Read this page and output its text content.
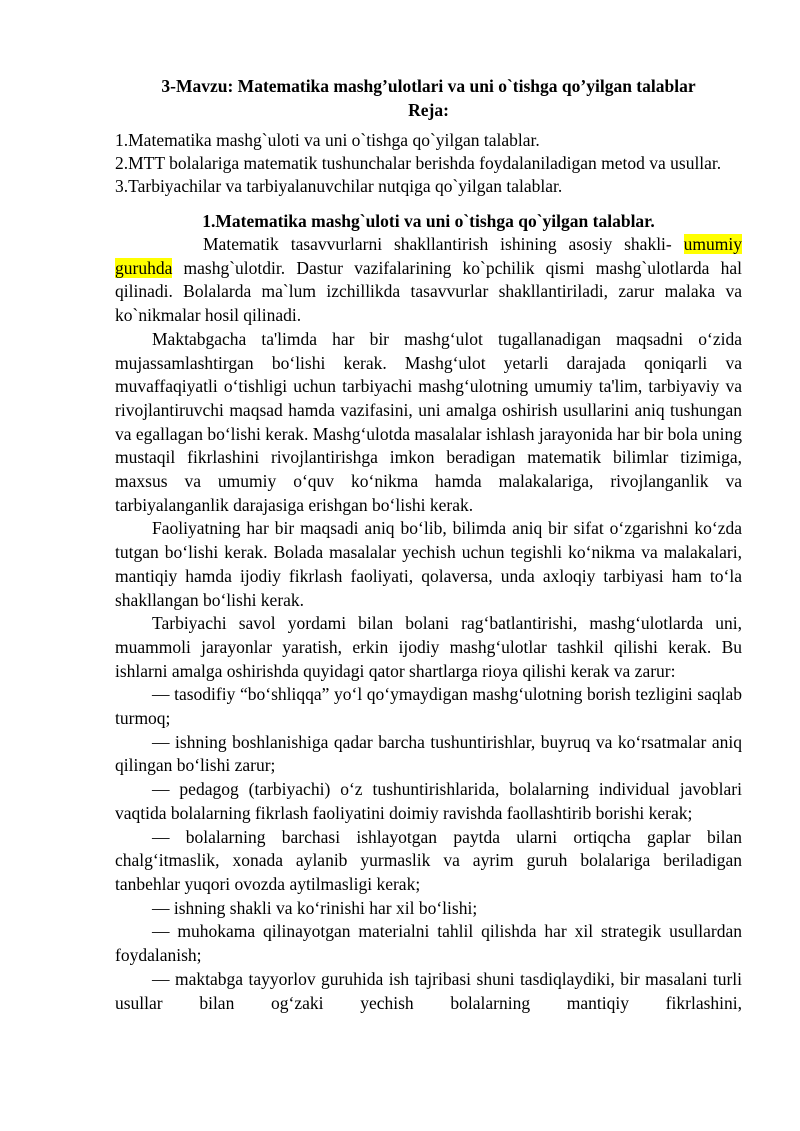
3-Mavzu: Matematika mashg’ulotlari va uni o`tishga qo’yilgan talablar
Reja:

1.Matematika mashg`uloti va uni o`tishga qo`yilgan talablar.

2.MTT bolalariga matematik tushunchalar berishda foydalaniladigan metod va usullar.

3.Tarbiyachilar va tarbiyalanuvchilar nutqiga qo`yilgan talablar.

1.Matematika mashg`uloti va uni o`tishga qo`yilgan talablar.

Matematik tasavvurlarni shakllantirish ishining asosiy shakli- umumiy guruhda mashg`ulotdir. Dastur vazifalarining ko`pchilik qismi mashg`ulotlarda hal qilinadi. Bolalarda ma`lum izchillikda tasavvurlar shakllantiriladi, zarur malaka va ko`nikmalar hosil qilinadi.

Maktabgacha ta'limda har bir mashg‘ulot tugallanadigan maqsadni o‘zida mujassamlashtirgan bo‘lishi kerak. Mashg‘ulot yetarli darajada qoniqarli va muvaffaqiyatli o‘tishligi uchun tarbiyachi mashg‘ulotning umumiy ta'lim, tarbiyaviy va rivojlantiruvchi maqsad hamda vazifasini, uni amalga oshirish usullarini aniq tushungan va egallagan bo‘lishi kerak. Mashg‘ulotda masalalar ishlash jarayonida har bir bola uning mustaqil fikrlashini rivojlantirishga imkon beradigan matematik bilimlar tizimiga, maxsus va umumiy o‘quv ko‘nikma hamda malakalariga, rivojlanganlik va tarbiyalanganlik darajasiga erishgan bo‘lishi kerak.

Faoliyatning har bir maqsadi aniq bo‘lib, bilimda aniq bir sifat o‘zgarishni ko‘zda tutgan bo‘lishi kerak. Bolada masalalar yechish uchun tegishli ko‘nikma va malakalari, mantiqiy hamda ijodiy fikrlash faoliyati, qolaversa, unda axloqiy tarbiyasi ham to‘la shakllangan bo‘lishi kerak.

Tarbiyachi savol yordami bilan bolani rag‘batlantirishi, mashg‘ulotlarda uni, muammoli jarayonlar yaratish, erkin ijodiy mashg‘ulotlar tashkil qilishi kerak. Bu ishlarni amalga oshirishda quyidagi qator shartlarga rioya qilishi kerak va zarur:

— tasodifiy “bo‘shliqqa” yo‘l qo‘ymaydigan mashg‘ulotning borish tezligini saqlab turmoq;

— ishning boshlanishiga qadar barcha tushuntirishlar, buyruq va ko‘rsatmalar aniq qilingan bo‘lishi zarur;

— pedagog (tarbiyachi) o‘z tushuntirishlarida, bolalarning individual javoblari vaqtida bolalarning fikrlash faoliyatini doimiy ravishda faollashtirib borishi kerak;

— bolalarning barchasi ishlayotgan paytda ularni ortiqcha gaplar bilan chalg‘itmaslik, xonada aylanib yurmaslik va ayrim guruh bolalariga beriladigan tanbehlar yuqori ovozda aytilmasligi kerak;

— ishning shakli va ko‘rinishi har xil bo‘lishi;

— muhokama qilinayotgan materialni tahlil qilishda har xil strategik usullardan foydalanish;

— maktabga tayyorlov guruhida ish tajribasi shuni tasdiqlaydiki, bir masalani turli usullar bilan og‘zaki yechish bolalarning mantiqiy fikrlashini,
